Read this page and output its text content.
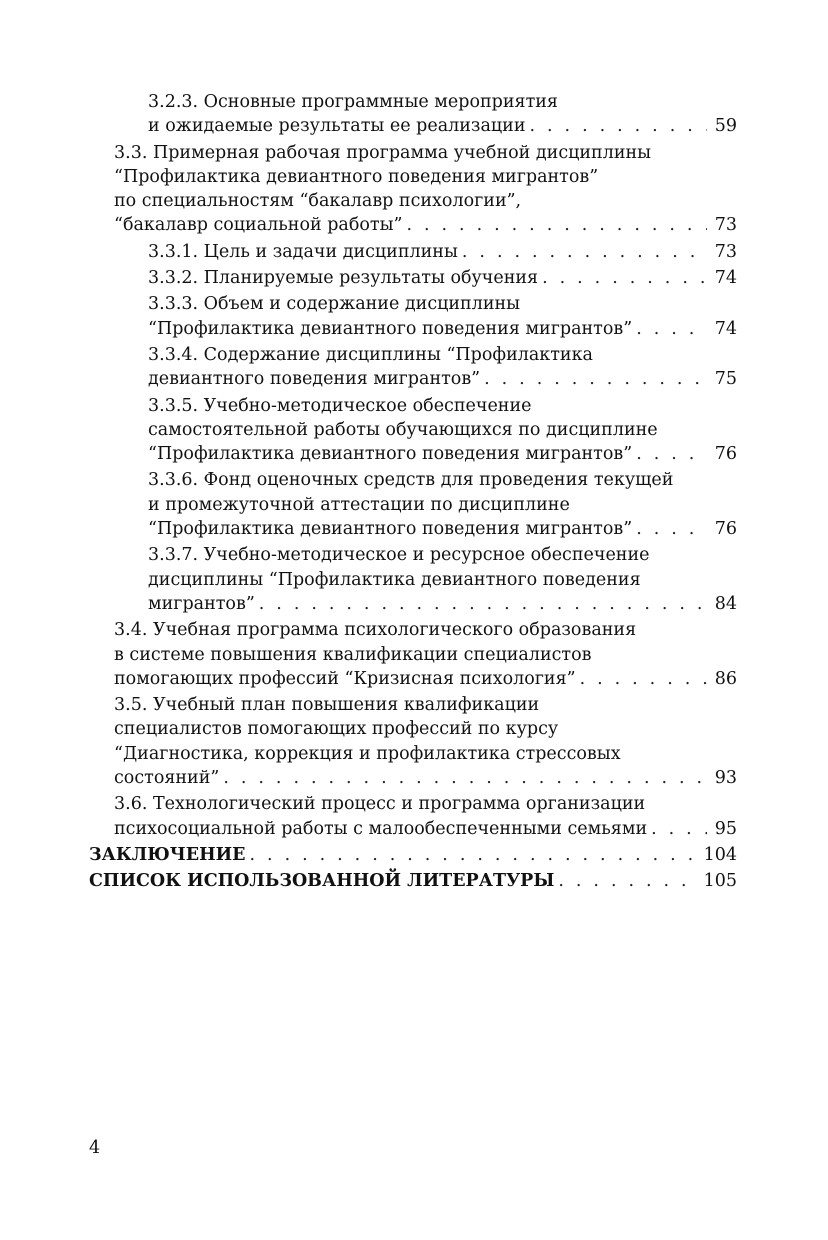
3.2.3. Основные программные мероприятия
и ожидаемые результаты ее реализации . . .	59
3.3. Примерная рабочая программа учебной дисциплины
“Профилактика девиантного поведения мигрантов”
по специальностям “бакалавр психологии”,
“бакалавр социальной работы” . . .	73
3.3.1. Цель и задачи дисциплины . . .	73
3.3.2. Планируемые результаты обучения . . .	74
3.3.3. Объем и содержание дисциплины
“Профилактика девиантного поведения мигрантов” . . .	74
3.3.4. Содержание дисциплины “Профилактика
девиантного поведения мигрантов” . . .	75
3.3.5. Учебно-методическое обеспечение
самостоятельной работы обучающихся по дисциплине
“Профилактика девиантного поведения мигрантов” . . .	76
3.3.6. Фонд оценочных средств для проведения текущей
и промежуточной аттестации по дисциплине
“Профилактика девиантного поведения мигрантов” . . .	76
3.3.7. Учебно-методическое и ресурсное обеспечение
дисциплины “Профилактика девиантного поведения
мигрантов” . . .	84
3.4. Учебная программа психологического образования
в системе повышения квалификации специалистов
помогающих профессий “Кризисная психология” . . .	86
3.5. Учебный план повышения квалификации
специалистов помогающих профессий по курсу
“Диагностика, коррекция и профилактика стрессовых
состояний” . . .	93
3.6. Технологический процесс и программа организации
психосоциальной работы с малообеспеченными семьями . . .	95
ЗАКЛЮЧЕНИЕ . . .	104
СПИСОК ИСПОЛЬЗОВАННОЙ ЛИТЕРАТУРЫ . . .	105
4
